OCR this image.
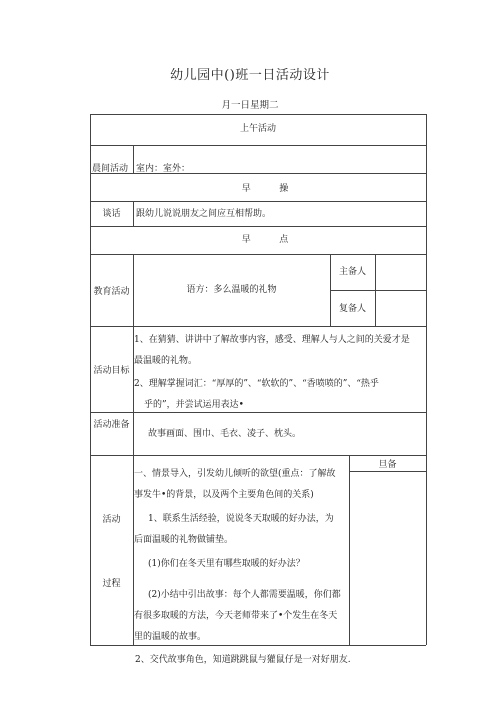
幼儿园中()班一日活动设计
月一日星期二
上午活动
晨间活动 室内：室外：
早          操
谈话	跟幼儿说说朋友之间应互相帮助。
早          点
教育活动	语方：多么温暖的礼物
主备人
复备人
活动目标
1、在猜猜、讲讲中了解故事内容，感受、理解人与人之间的关爱才是
最温暖的礼物。
2、理解掌握词汇：“厚厚的”、“软软的”、“香喷喷的”、“热乎
乎的”，并尝试运用表达•
活动准备
故事画面、围巾、毛衣、凌子、枕头。
活动
过程
旦备
一、情景导入，引发幼儿倾听的欲望(重点：了解故
事发牛•的背景，以及两个主要角色间的关系)
1、联系生活经验，说说冬天取暖的好办法，为
后面温暖的礼物做铺垫。
(1)你们在冬天里有哪些取暖的好办法？
(2)小结中引出故事：每个人都需要温暖，你们都
有很多取暖的方法，今天老师带来了•个发生在冬天
里的温暖的故事。
2、交代故事角色，知道跳跳鼠与獾鼠仔是一对好朋友.
